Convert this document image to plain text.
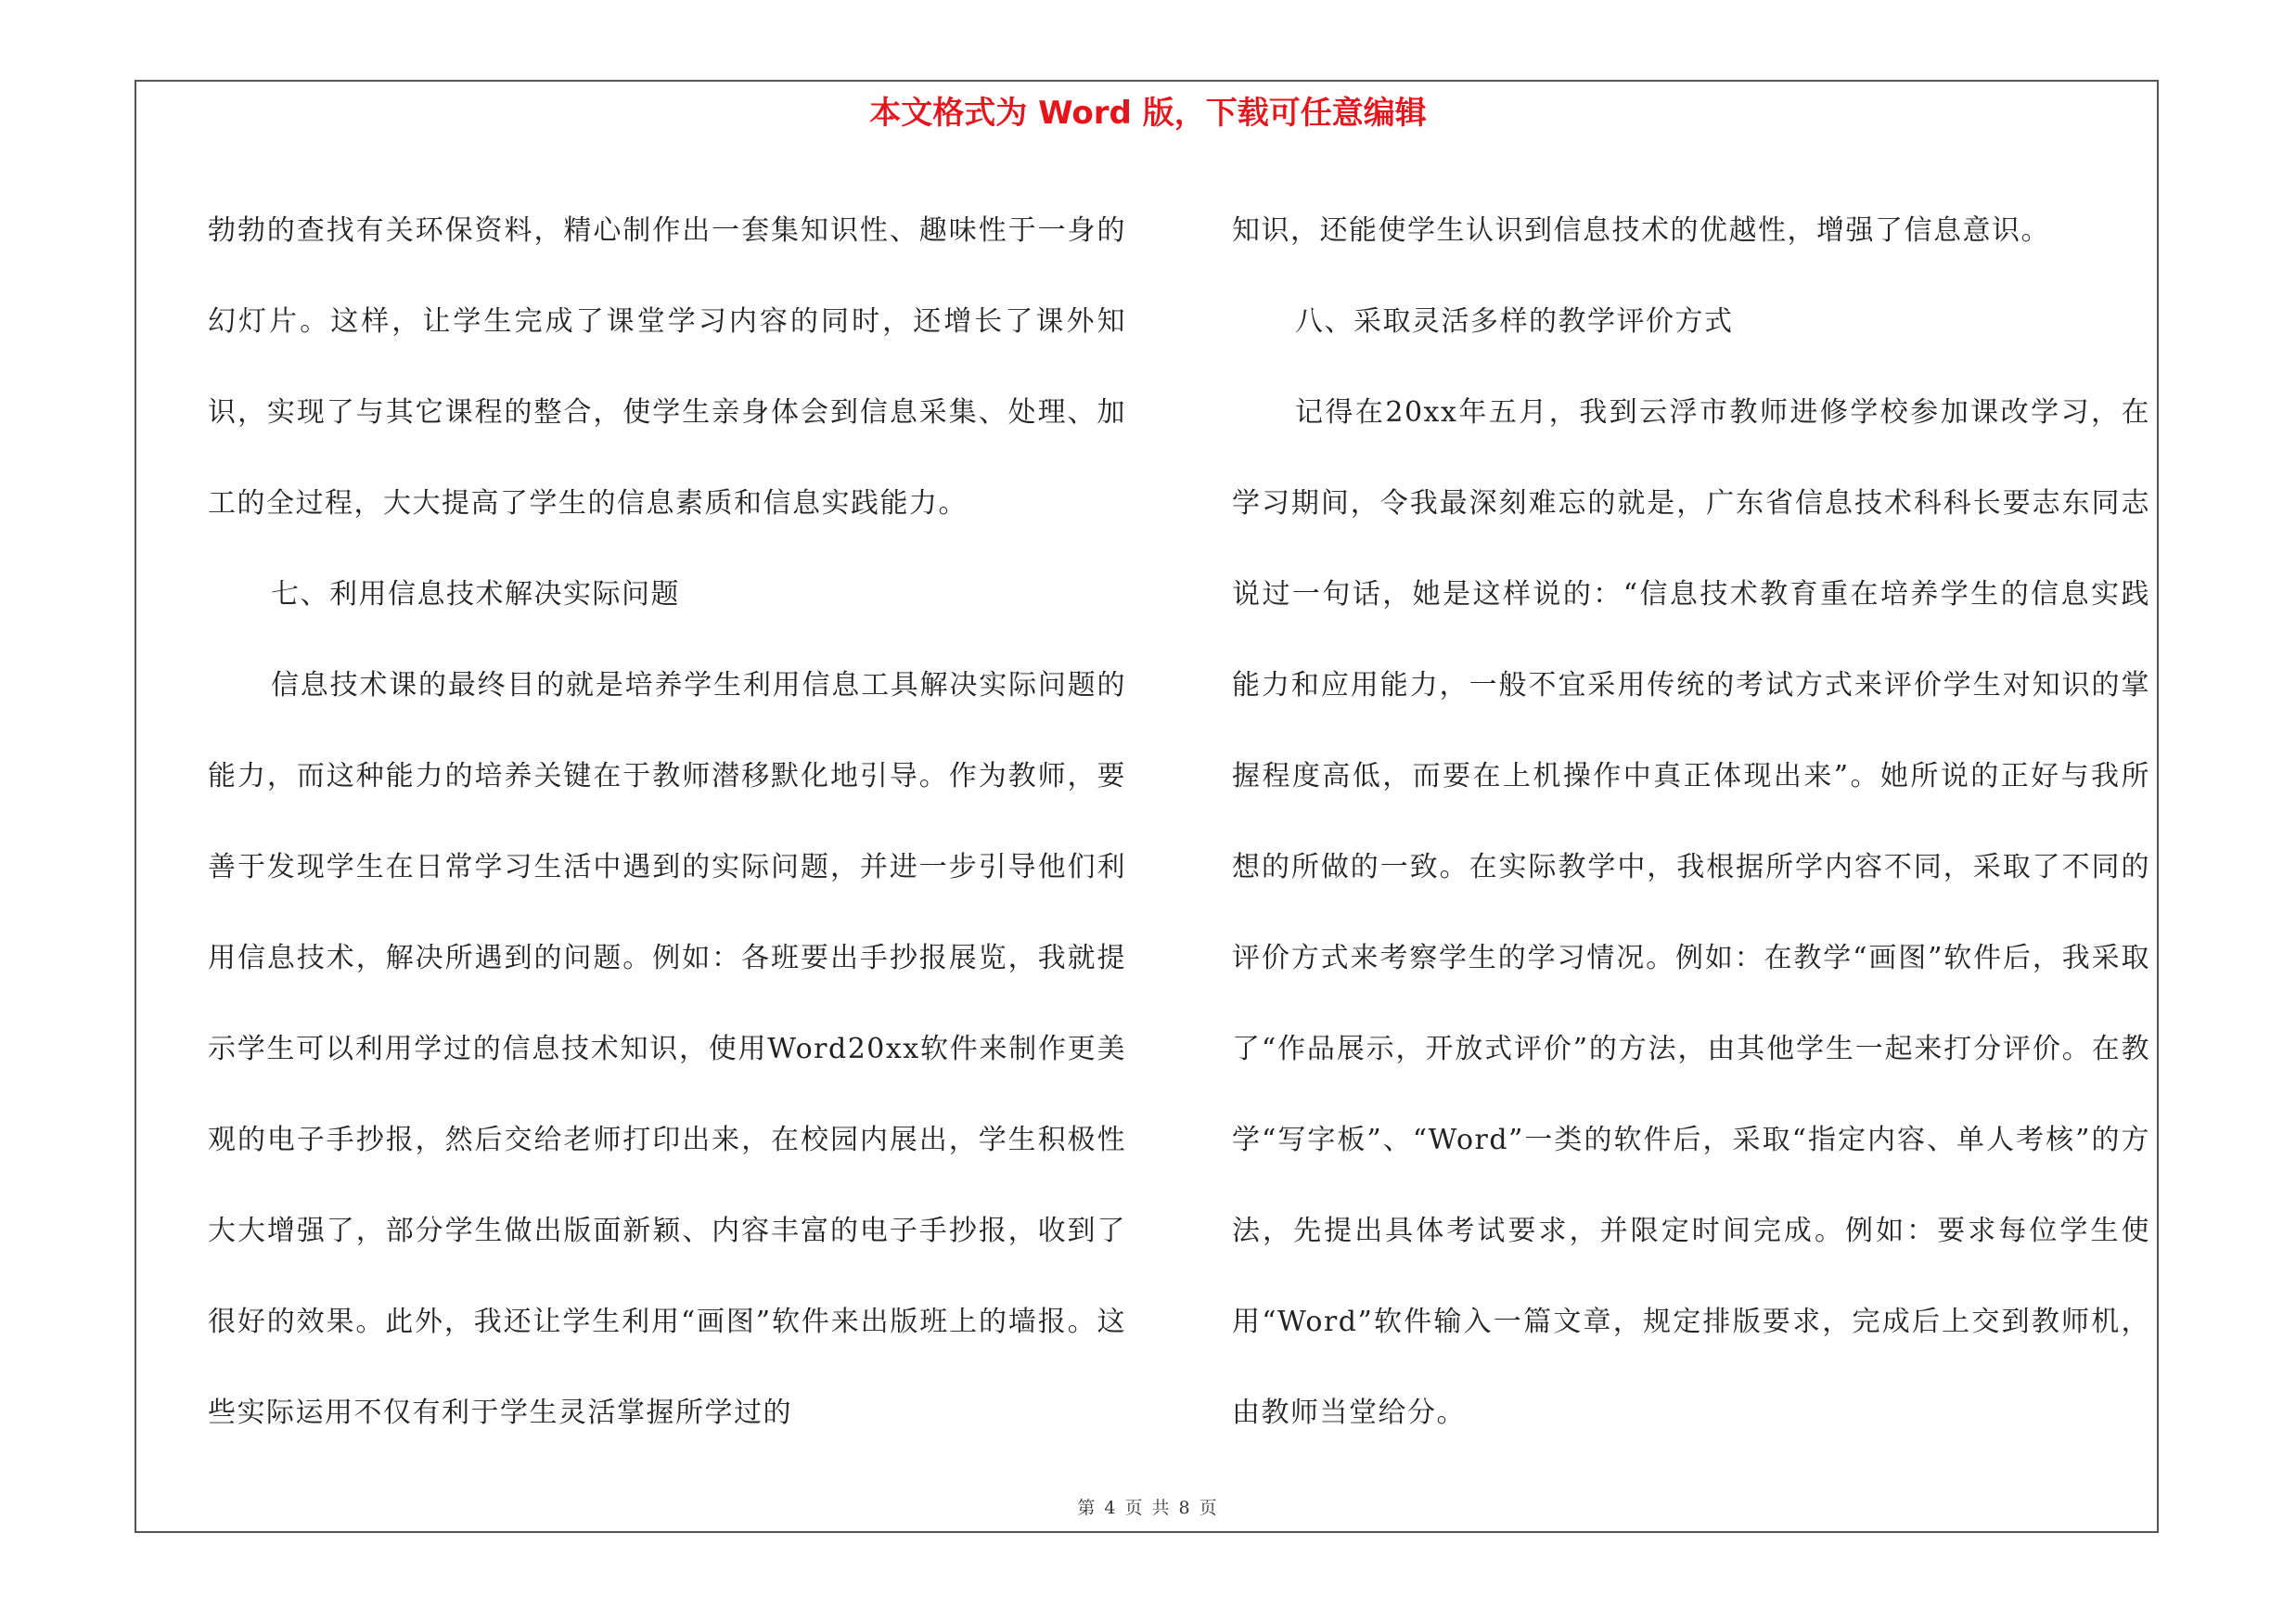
本文格式为 Word 版，下载可任意编辑

勃勃的查找有关环保资料，精心制作出一套集知识性、趣味性于一身的幻灯片。这样，让学生完成了课堂学习内容的同时，还增长了课外知识，实现了与其它课程的整合，使学生亲身体会到信息采集、处理、加工的全过程，大大提高了学生的信息素质和信息实践能力。

七、利用信息技术解决实际问题

信息技术课的最终目的就是培养学生利用信息工具解决实际问题的能力，而这种能力的培养关键在于教师潜移默化地引导。作为教师，要善于发现学生在日常学习生活中遇到的实际问题，并进一步引导他们利用信息技术，解决所遇到的问题。例如：各班要出手抄报展览，我就提示学生可以利用学过的信息技术知识，使用Word20xx软件来制作更美观的电子手抄报，然后交给老师打印出来，在校园内展出，学生积极性大大增强了，部分学生做出版面新颖、内容丰富的电子手抄报，收到了很好的效果。此外，我还让学生利用“画图”软件来出版班上的墙报。这些实际运用不仅有利于学生灵活掌握所学过的

知识，还能使学生认识到信息技术的优越性，增强了信息意识。

八、采取灵活多样的教学评价方式

记得在20xx年五月，我到云浮市教师进修学校参加课改学习，在学习期间，令我最深刻难忘的就是，广东省信息技术科科长要志东同志说过一句话，她是这样说的：“信息技术教育重在培养学生的信息实践能力和应用能力，一般不宜采用传统的考试方式来评价学生对知识的掌握程度高低，而要在上机操作中真正体现出来”。她所说的正好与我所想的所做的一致。在实际教学中，我根据所学内容不同，采取了不同的评价方式来考察学生的学习情况。例如：在教学“画图”软件后，我采取了“作品展示，开放式评价”的方法，由其他学生一起来打分评价。在教学“写字板”、“Word”一类的软件后，采取“指定内容、单人考核”的方法，先提出具体考试要求，并限定时间完成。例如：要求每位学生使用“Word”软件输入一篇文章，规定排版要求，完成后上交到教师机，由教师当堂给分。

第 4 页 共 8 页
